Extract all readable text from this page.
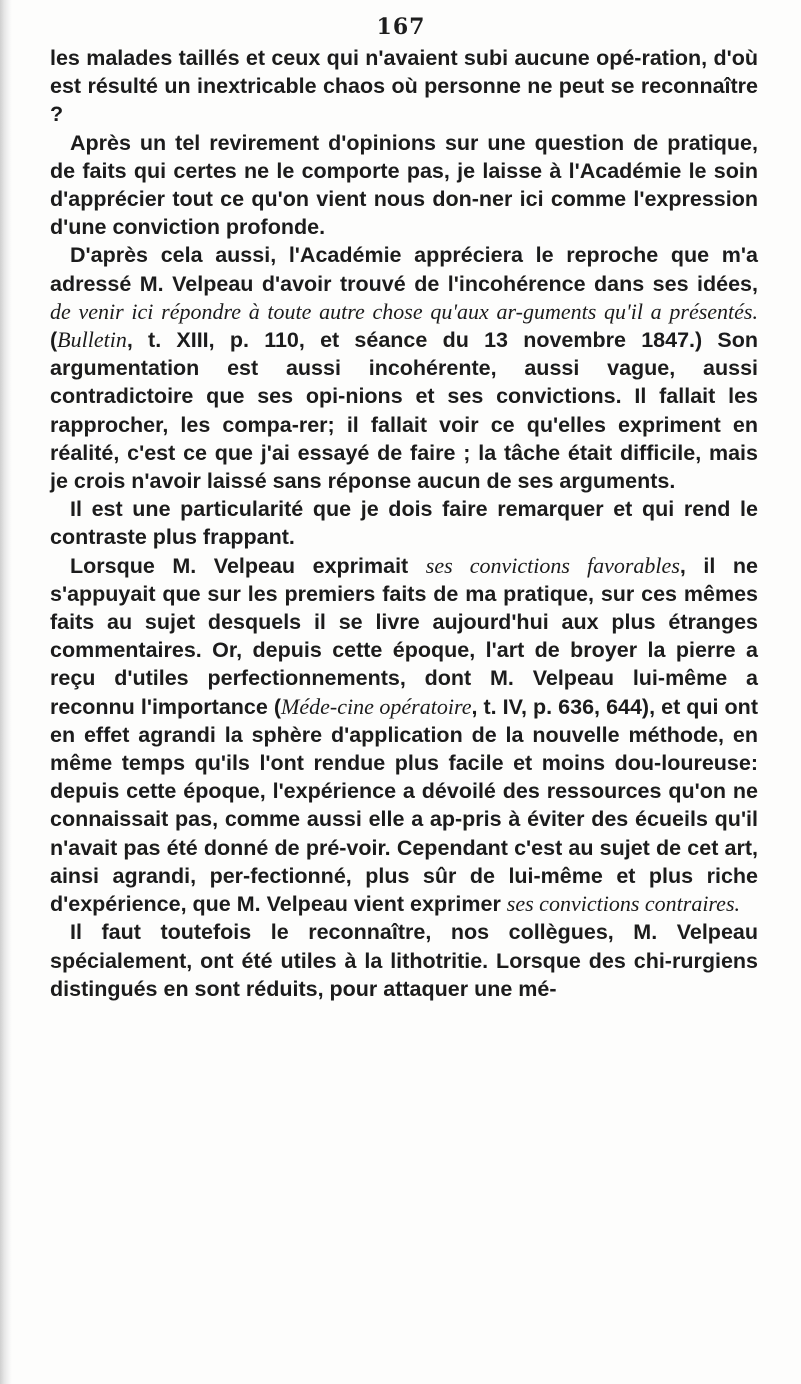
167

les malades taillés et ceux qui n'avaient subi aucune opé-ration, d'où est résulté un inextricable chaos où personne ne peut se reconnaître ?

Après un tel revirement d'opinions sur une question de pratique, de faits qui certes ne le comporte pas, je laisse à l'Académie le soin d'apprécier tout ce qu'on vient nous don-ner ici comme l'expression d'une conviction profonde.

D'après cela aussi, l'Académie appréciera le reproche que m'a adressé M. Velpeau d'avoir trouvé de l'incohérence dans ses idées, de venir ici répondre à toute autre chose qu'aux ar-guments qu'il a présentés. (Bulletin, t. XIII, p. 110, et séance du 13 novembre 1847.) Son argumentation est aussi incohérente, aussi vague, aussi contradictoire que ses opi-nions et ses convictions. Il fallait les rapprocher, les compa-rer; il fallait voir ce qu'elles expriment en réalité, c'est ce que j'ai essayé de faire ; la tâche était difficile, mais je crois n'avoir laissé sans réponse aucun de ses arguments.

Il est une particularité que je dois faire remarquer et qui rend le contraste plus frappant.

Lorsque M. Velpeau exprimait ses convictions favorables, il ne s'appuyait que sur les premiers faits de ma pratique, sur ces mêmes faits au sujet desquels il se livre aujourd'hui aux plus étranges commentaires. Or, depuis cette époque, l'art de broyer la pierre a reçu d'utiles perfectionnements, dont M. Velpeau lui-même a reconnu l'importance (Méde-cine opératoire, t. IV, p. 636, 644), et qui ont en effet agrandi la sphère d'application de la nouvelle méthode, en même temps qu'ils l'ont rendue plus facile et moins dou-loureuse: depuis cette époque, l'expérience a dévoilé des ressources qu'on ne connaissait pas, comme aussi elle a ap-pris à éviter des écueils qu'il n'avait pas été donné de pré-voir. Cependant c'est au sujet de cet art, ainsi agrandi, per-fectionné, plus sûr de lui-même et plus riche d'expérience, que M. Velpeau vient exprimer ses convictions contraires.

Il faut toutefois le reconnaître, nos collègues, M. Velpeau spécialement, ont été utiles à la lithotritie. Lorsque des chi-rurgiens distingués en sont réduits, pour attaquer une mé-
